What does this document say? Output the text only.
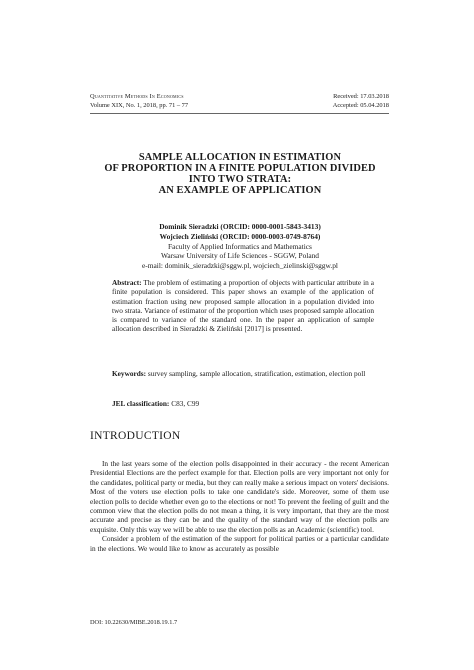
Quantitative Methods In Economics
Volume XIX, No. 1, 2018, pp. 71 – 77
Received: 17.03.2018
Accepted: 05.04.2018
SAMPLE ALLOCATION IN ESTIMATION
OF PROPORTION IN A FINITE POPULATION DIVIDED
INTO TWO STRATA:
AN EXAMPLE OF APPLICATION
Dominik Sieradzki (ORCID: 0000-0001-5843-3413)
Wojciech Zieliński (ORCID: 0000-0003-0749-8764)
Faculty of Applied Informatics and Mathematics
Warsaw University of Life Sciences - SGGW, Poland
e-mail: dominik_sieradzki@sggw.pl, wojciech_zielinski@sggw.pl
Abstract: The problem of estimating a proportion of objects with particular attribute in a finite population is considered. This paper shows an example of the application of estimation fraction using new proposed sample allocation in a population divided into two strata. Variance of estimator of the proportion which uses proposed sample allocation is compared to variance of the standard one. In the paper an application of sample allocation described in Sieradzki & Zieliński [2017] is presented.
Keywords: survey sampling, sample allocation, stratification, estimation, election poll
JEL classification: C83, C99
INTRODUCTION

In the last years some of the election polls disappointed in their accuracy - the recent American Presidential Elections are the perfect example for that. Election polls are very important not only for the candidates, political party or media, but they can really make a serious impact on voters' decisions. Most of the voters use election polls to take one candidate's side. Moreover, some of them use election polls to decide whether even go to the elections or not! To prevent the feeling of guilt and the common view that the election polls do not mean a thing, it is very important, that they are the most accurate and precise as they can be and the quality of the standard way of the election polls are exquisite. Only this way we will be able to use the election polls as an Academic (scientific) tool.

Consider a problem of the estimation of the support for political parties or a particular candidate in the elections. We would like to know as accurately as possible

DOI: 10.22630/MIBE.2018.19.1.7
